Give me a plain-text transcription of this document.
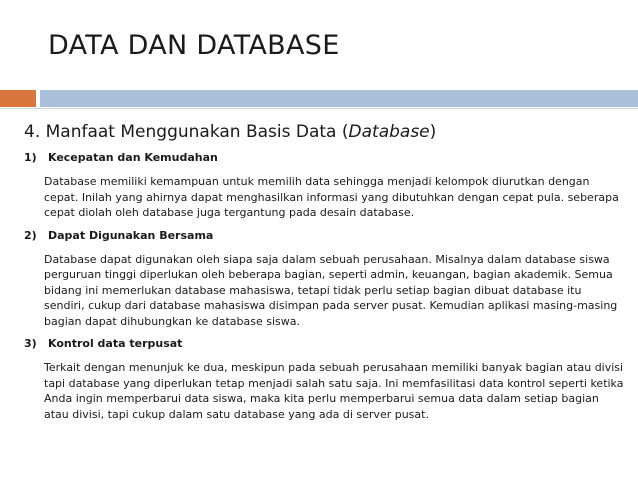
DATA DAN DATABASE
4. Manfaat Menggunakan Basis Data (Database)
1)	Kecepatan dan Kemudahan

Database memiliki kemampuan untuk memilih data sehingga menjadi kelompok diurutkan dengan cepat. Inilah yang ahirnya dapat menghasilkan informasi yang dibutuhkan dengan cepat pula. seberapa cepat diolah oleh database juga tergantung pada desain database.

2)	Dapat Digunakan Bersama

Database dapat digunakan oleh siapa saja dalam sebuah perusahaan. Misalnya dalam database siswa perguruan tinggi diperlukan oleh beberapa bagian, seperti admin, keuangan, bagian akademik. Semua bidang ini memerlukan database mahasiswa, tetapi tidak perlu setiap bagian dibuat database itu sendiri, cukup dari database mahasiswa disimpan pada server pusat. Kemudian aplikasi masing-masing bagian dapat dihubungkan ke database siswa.

3)	Kontrol data terpusat

Terkait dengan menunjuk ke dua, meskipun pada sebuah perusahaan memiliki banyak bagian atau divisi tapi database yang diperlukan tetap menjadi salah satu saja. Ini memfasilitasi data kontrol seperti ketika Anda ingin memperbarui data siswa, maka kita perlu memperbarui semua data dalam setiap bagian atau divisi, tapi cukup dalam satu database yang ada di server pusat.
